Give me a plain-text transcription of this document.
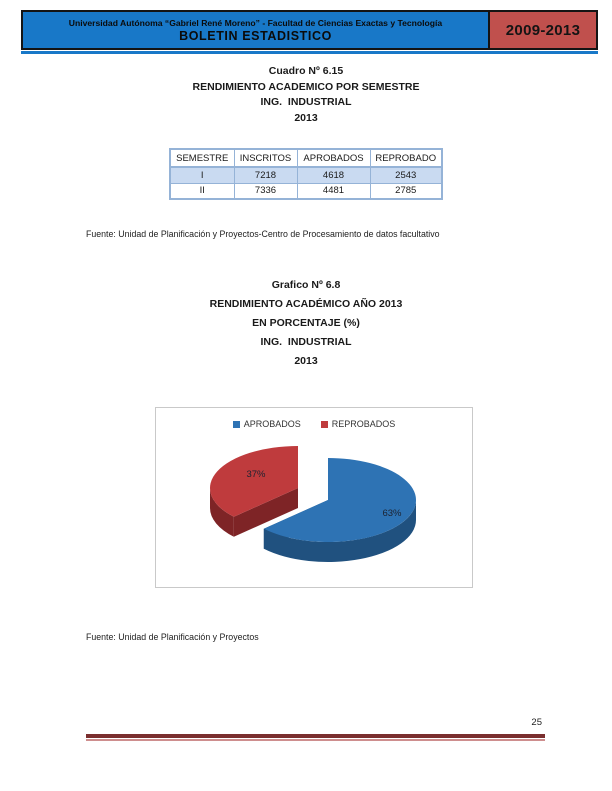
Universidad Autónoma “Gabriel René Moreno” - Facultad de Ciencias Exactas y Tecnología
BOLETIN ESTADISTICO	2009-2013
Cuadro Nº 6.15
RENDIMIENTO ACADEMICO POR SEMESTRE
ING.  INDUSTRIAL
2013
SEMESTRE	INSCRITOS	APROBADOS	REPROBADO
I	7218	4618	2543
II	7336	4481	2785
Fuente: Unidad de Planificación y Proyectos-Centro de Procesamiento de datos facultativo
Grafico Nº 6.8
RENDIMIENTO ACADÉMICO AÑO 2013
EN PORCENTAJE (%)
ING.  INDUSTRIAL
2013
37%
63%
APROBADOS	REPROBADOS
Fuente: Unidad de Planificación y Proyectos
25
